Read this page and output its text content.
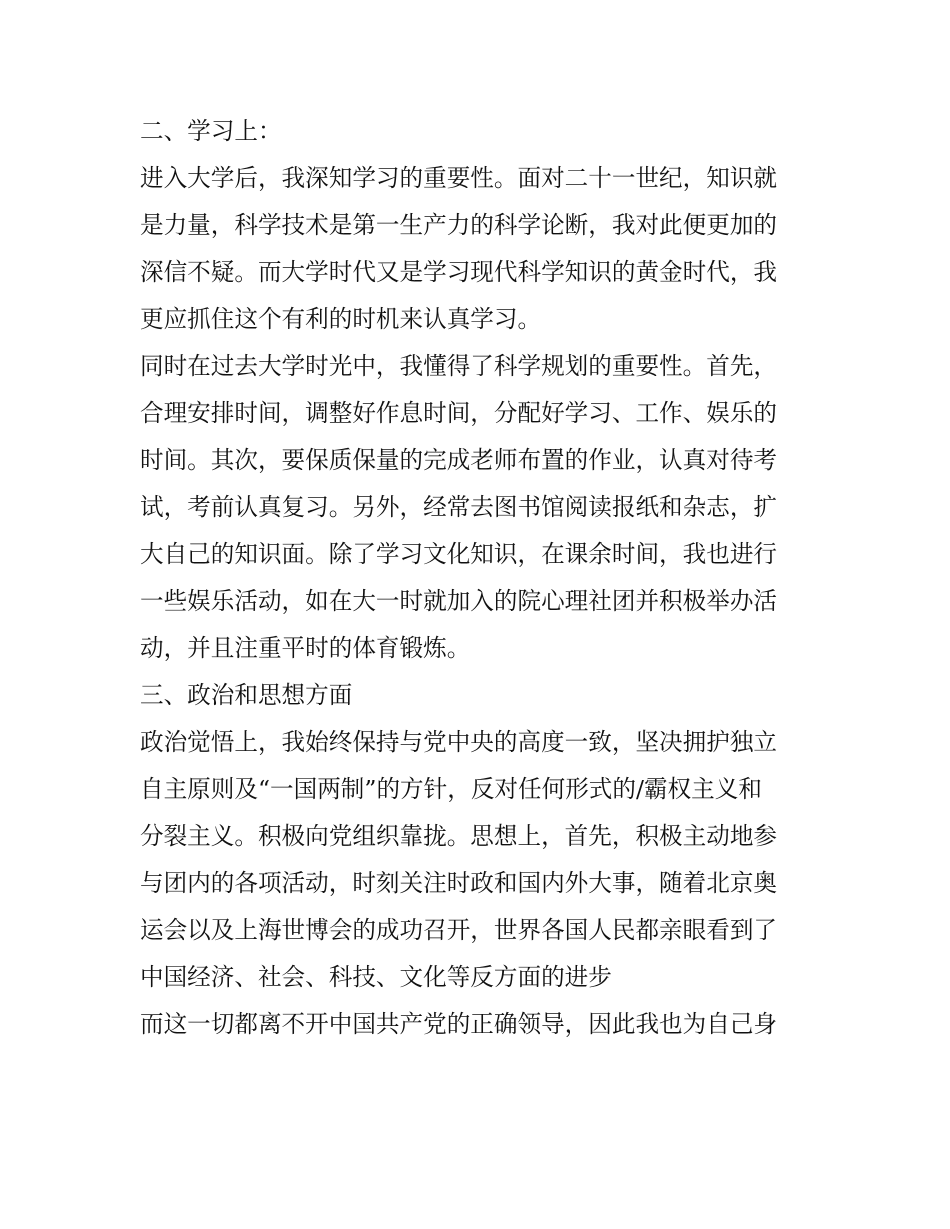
二、学习上：
进入大学后，我深知学习的重要性。面对二十一世纪，知识就
是力量，科学技术是第一生产力的科学论断，我对此便更加的
深信不疑。而大学时代又是学习现代科学知识的黄金时代，我
更应抓住这个有利的时机来认真学习。
同时在过去大学时光中，我懂得了科学规划的重要性。首先，
合理安排时间，调整好作息时间，分配好学习、工作、娱乐的
时间。其次，要保质保量的完成老师布置的作业，认真对待考
试，考前认真复习。另外，经常去图书馆阅读报纸和杂志，扩
大自己的知识面。除了学习文化知识，在课余时间，我也进行
一些娱乐活动，如在大一时就加入的院心理社团并积极举办活
动，并且注重平时的体育锻炼。
三、政治和思想方面
政治觉悟上，我始终保持与党中央的高度一致，坚决拥护独立
自主原则及“一国两制”的方针，反对任何形式的/霸权主义和
分裂主义。积极向党组织靠拢。思想上，首先，积极主动地参
与团内的各项活动，时刻关注时政和国内外大事，随着北京奥
运会以及上海世博会的成功召开，世界各国人民都亲眼看到了
中国经济、社会、科技、文化等反方面的进步
而这一切都离不开中国共产党的正确领导，因此我也为自己身
